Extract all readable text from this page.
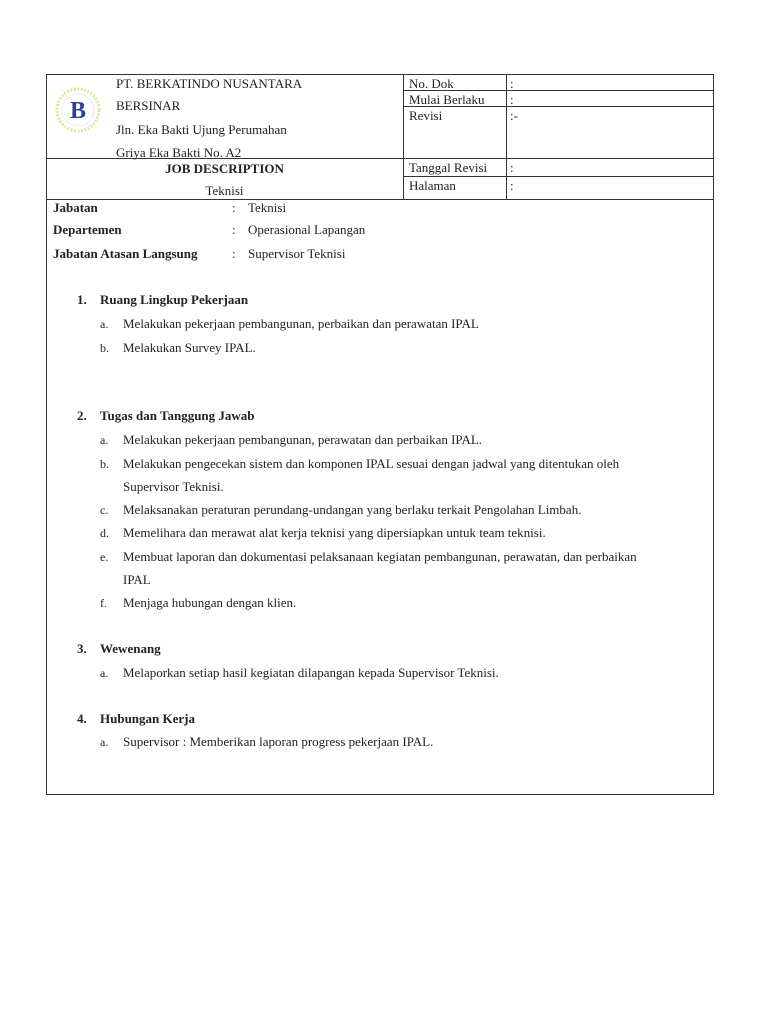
B
PT. BERKATINDO NUSANTARA
BERSINAR
Jln. Eka Bakti Ujung Perumahan
Griya Eka Bakti No. A2
JOB DESCRIPTION
Teknisi
No. Dok	:
Mulai Berlaku :
Revisi	:-
Tanggal Revisi :
Halaman	:
Jabatan	: Teknisi
Departemen	: Operasional Lapangan
Jabatan Atasan Langsung	: Supervisor Teknisi
1. Ruang Lingkup Pekerjaan
a. Melakukan pekerjaan pembangunan, perbaikan dan perawatan IPAL
b. Melakukan Survey IPAL.
2. Tugas dan Tanggung Jawab
a. Melakukan pekerjaan pembangunan, perawatan dan perbaikan IPAL.
b. Melakukan pengecekan sistem dan komponen IPAL sesuai dengan jadwal yang ditentukan oleh
Supervisor Teknisi.
c. Melaksanakan peraturan perundang-undangan yang berlaku terkait Pengolahan Limbah.
d. Memelihara dan merawat alat kerja teknisi yang dipersiapkan untuk team teknisi.
e. Membuat laporan dan dokumentasi pelaksanaan kegiatan pembangunan, perawatan, dan perbaikan
IPAL
f. Menjaga hubungan dengan klien.
3. Wewenang
a. Melaporkan setiap hasil kegiatan dilapangan kepada Supervisor Teknisi.
4. Hubungan Kerja
a. Supervisor : Memberikan laporan progress pekerjaan IPAL.
